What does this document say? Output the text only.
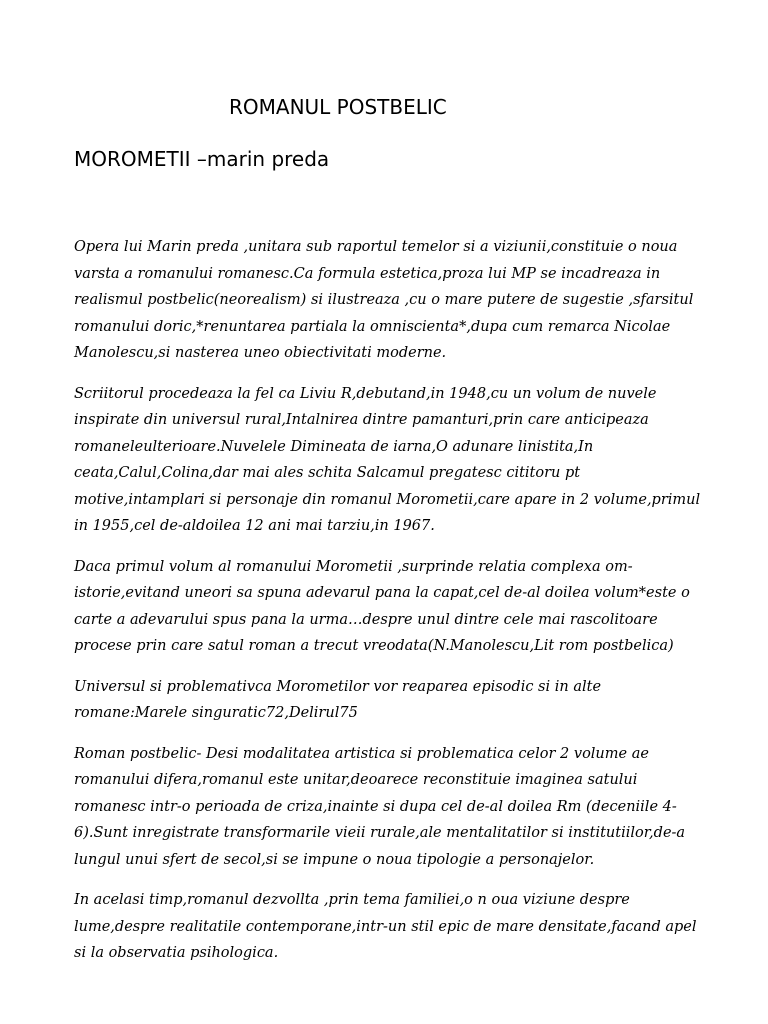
ROMANUL POSTBELIC
MOROMETII –marin preda

Opera lui Marin preda ,unitara sub raportul temelor si a viziunii,constituie o noua varsta a romanului romanesc.Ca formula estetica,proza lui MP se incadreaza in realismul postbelic(neorealism) si ilustreaza ,cu o mare putere de sugestie ,sfarsitul romanului doric,*renuntarea partiala la omniscienta*,dupa cum remarca Nicolae Manolescu,si nasterea uneo obiectivitati moderne.

Scriitorul procedeaza la fel ca Liviu R,debutand,in 1948,cu un volum de nuvele inspirate din universul rural,Intalnirea dintre pamanturi,prin care anticipeaza romaneleulterioare.Nuvelele Dimineata de iarna,O adunare linistita,In ceata,Calul,Colina,dar mai ales schita Salcamul pregatesc cititoru pt motive,intamplari si personaje din romanul Morometii,care apare in 2 volume,primul in 1955,cel de-aldoilea 12 ani mai tarziu,in 1967.

Daca primul volum al romanului Morometii ,surprinde relatia complexa om-istorie,evitand uneori sa spuna adevarul pana la capat,cel de-al doilea volum*este o carte a adevarului spus pana la urma…despre unul dintre cele mai rascolitoare procese prin care satul roman a trecut vreodata(N.Manolescu,Lit rom postbelica)

Universul si problemativca Morometilor vor reaparea episodic si in alte romane:Marele singuratic72,Delirul75

Roman postbelic- Desi modalitatea artistica si problematica celor 2 volume ae romanului difera,romanul este unitar,deoarece reconstituie imaginea satului romanesc intr-o perioada de criza,inainte si dupa cel de-al doilea Rm (deceniile 4-6).Sunt inregistrate transformarile vieii rurale,ale mentalitatilor si institutiilor,de-a lungul unui sfert de secol,si se impune o noua tipologie a personajelor.

In acelasi timp,romanul dezvollta ,prin tema familiei,o n oua viziune despre lume,despre realitatile contemporane,intr-un stil epic de mare densitate,facand apel si la observatia psihologica.
